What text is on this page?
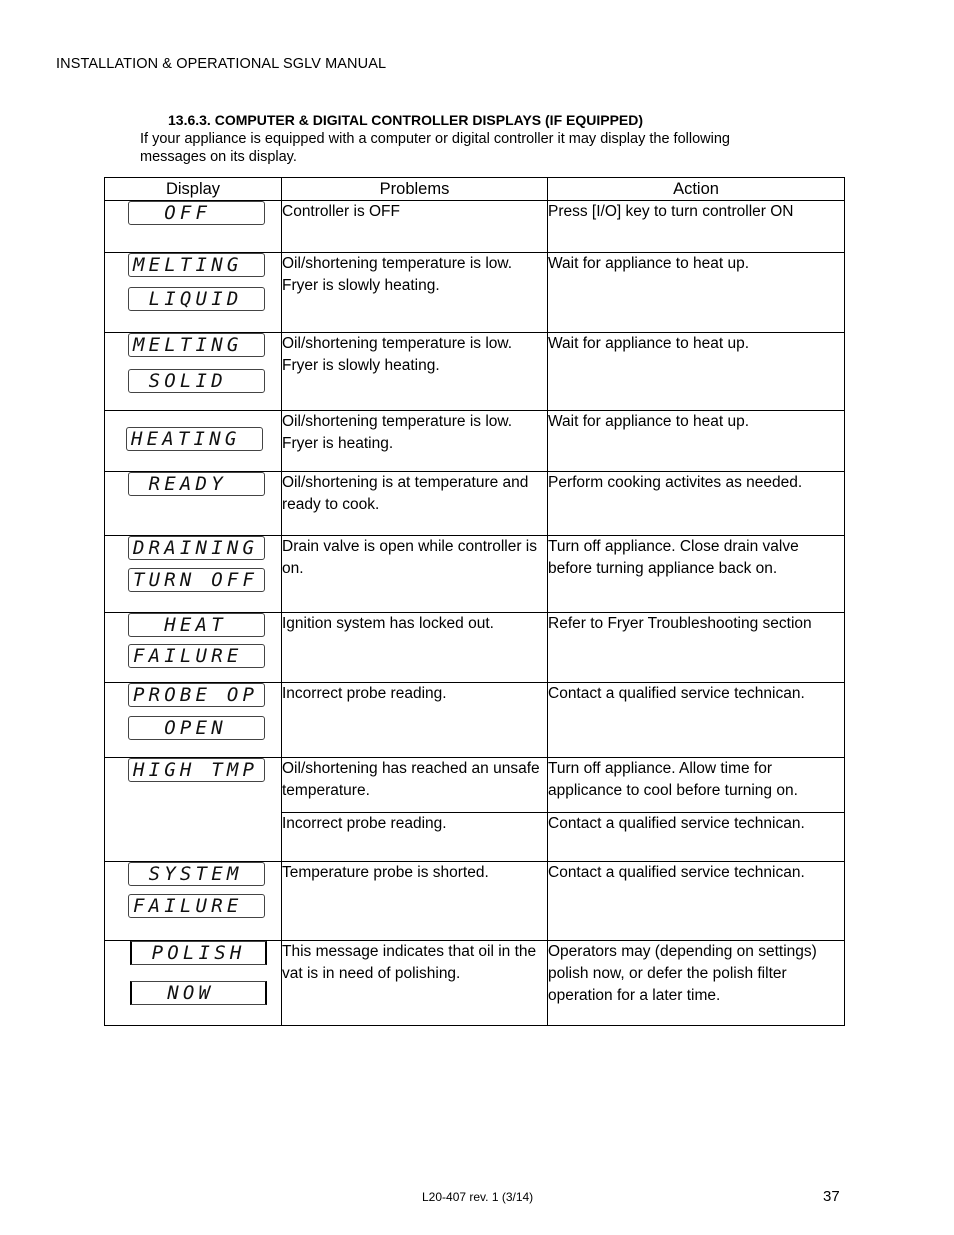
INSTALLATION & OPERATIONAL SGLV MANUAL
13.6.3. COMPUTER & DIGITAL CONTROLLER DISPLAYS (IF EQUIPPED)
If your appliance is equipped with a computer or digital controller it may display the following
messages on its display.
Display	Problems	Action

OFF	Controller is OFF	Press [I/O] key to turn controller ON

MELTING
LIQUID	Oil/shortening temperature is low. Fryer is slowly heating.	Wait for appliance to heat up.

MELTING
SOLID	Oil/shortening temperature is low. Fryer is slowly heating.	Wait for appliance to heat up.

HEATING	Oil/shortening temperature is low. Fryer is heating.	Wait for appliance to heat up.

READY	Oil/shortening is at temperature and ready to cook.	Perform cooking activites as needed.

DRAINING
TURN OFF	Drain valve is open while controller is on.	Turn off appliance. Close drain valve before turning appliance back on.

HEAT
FAILURE	Ignition system has locked out.	Refer to Fryer Troubleshooting section

PROBE OP
OPEN	Incorrect probe reading.	Contact a qualified service technican.

HIGH TMP	Oil/shortening has reached an unsafe temperature.	Turn off appliance. Allow time for applicance to cool before turning on.
	Incorrect probe reading.	Contact a qualified service technican.

SYSTEM
FAILURE	Temperature probe is shorted.	Contact a qualified service technican.

POLISH
NOW	This message indicates that oil in the vat is in need of polishing.	Operators may (depending on settings) polish now, or defer the polish filter operation for a later time.
L20-407 rev. 1 (3/14)	37
